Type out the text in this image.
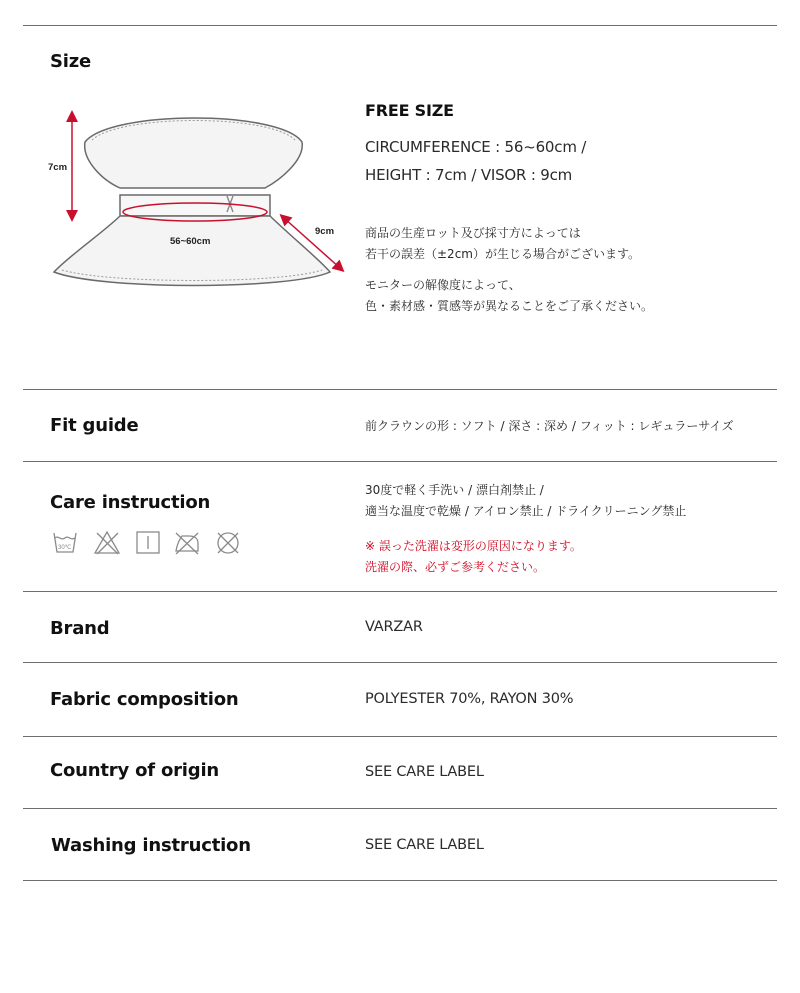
Size
7cm
56~60cm
9cm
FREE SIZE
CIRCUMFERENCE : 56~60cm /
HEIGHT : 7cm / VISOR : 9cm
商品の生産ロット及び採寸方によっては
若干の誤差（±2cm）が生じる場合がございます。
モニターの解像度によって、
色・素材感・質感等が異なることをご了承ください。
Fit guide	前クラウンの形 : ソフト / 深さ : 深め / フィット : レギュラーサイズ
Care instruction
30度で軽く手洗い / 漂白剤禁止 /
適当な温度で乾燥 / アイロン禁止 / ドライクリーニング禁止
※ 誤った洗濯は変形の原因になります。
洗濯の際、必ずご参考ください。
30℃
Brand	VARZAR
Fabric composition	POLYESTER 70%, RAYON 30%
Country of origin	SEE CARE LABEL
Washing instruction	SEE CARE LABEL
